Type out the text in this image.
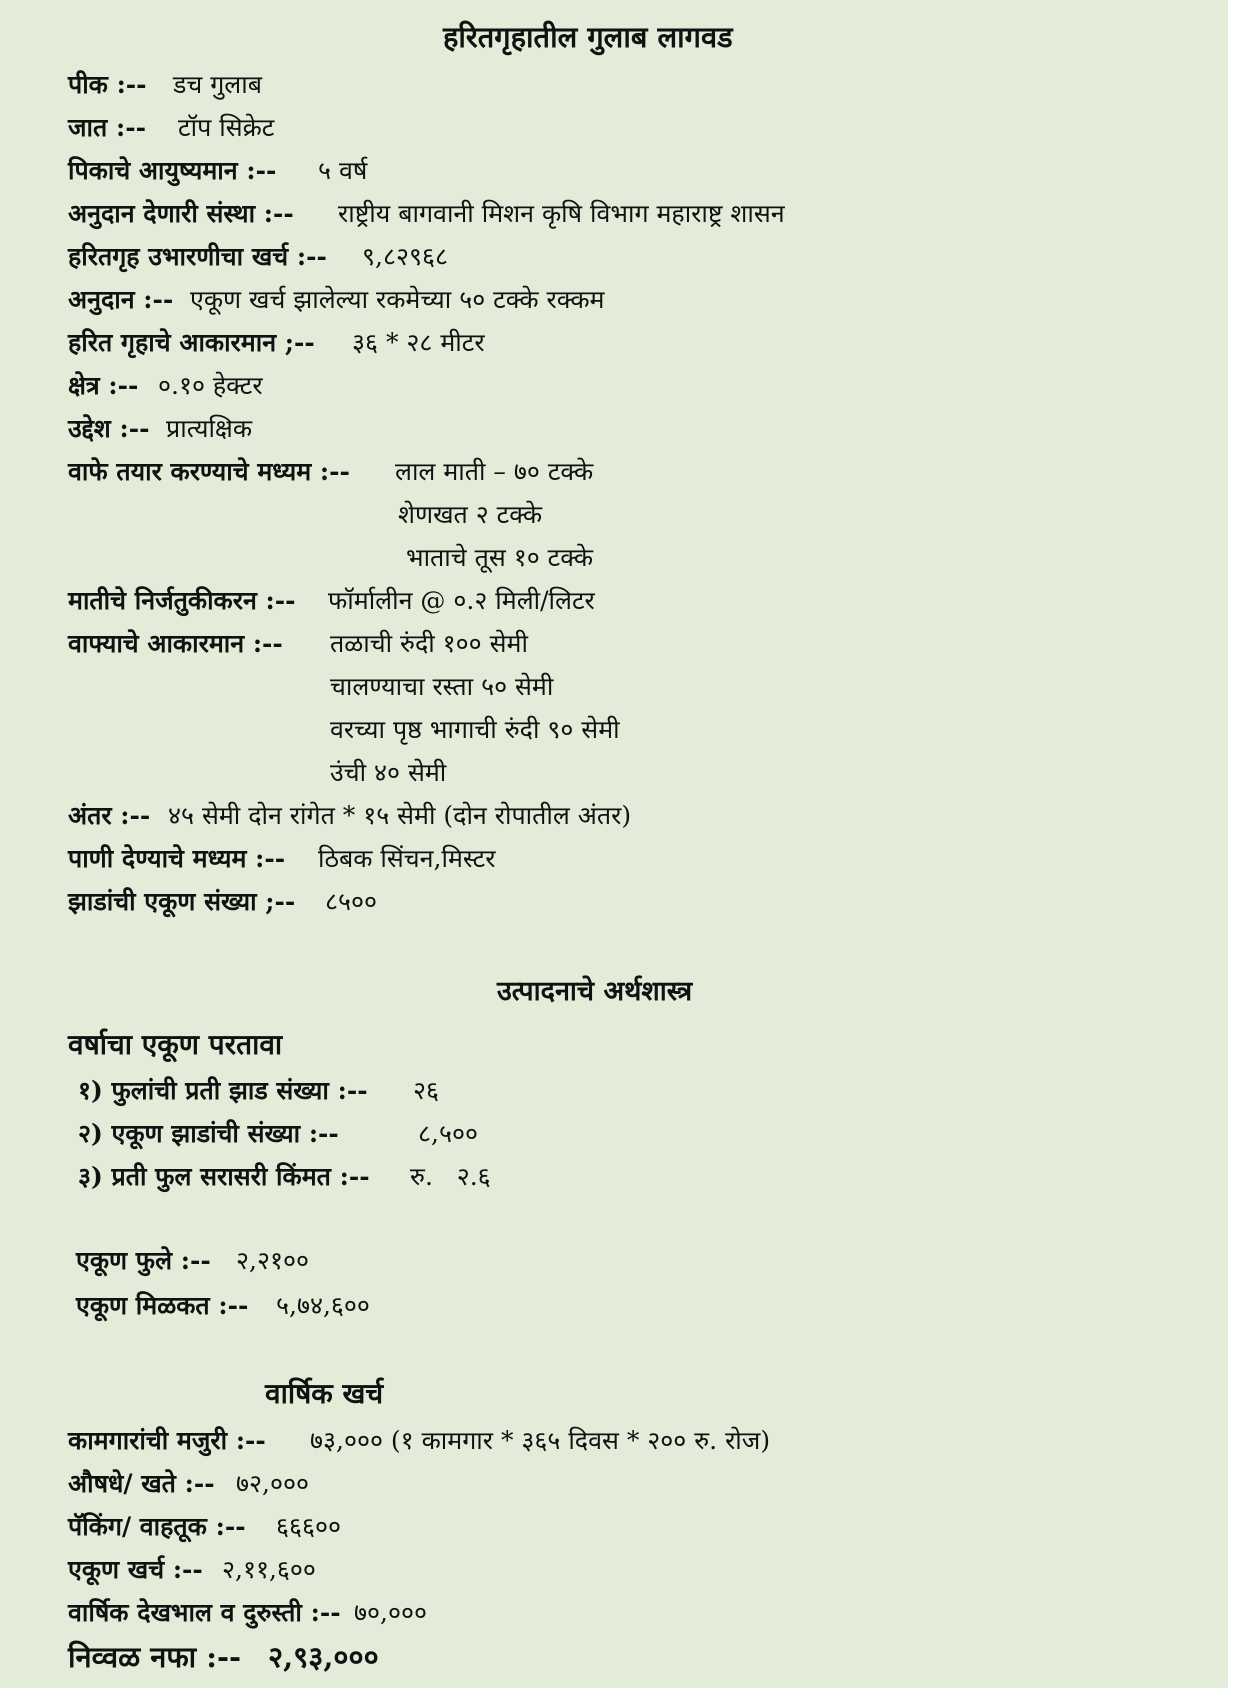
हरितगृहातील गुलाब लागवड
पीक :-- डच गुलाब
जात :-- टॉप सिक्रेट
पिकाचे आयुष्यमान :-- ५ वर्ष
अनुदान देणारी संस्था :-- राष्ट्रीय बागवानी मिशन कृषि विभाग महाराष्ट्र शासन
हरितगृह उभारणीचा खर्च :-- ९,८२९६८
अनुदान :-- एकूण खर्च झालेल्या रकमेच्या ५० टक्के रक्कम
हरित गृहाचे आकारमान ;-- ३६ * २८ मीटर
क्षेत्र :-- ०.१० हेक्टर
उद्देश :-- प्रात्यक्षिक
वाफे तयार करण्याचे मध्यम :-- लाल माती – ७० टक्के
शेणखत २ टक्के
भाताचे तूस १० टक्के
मातीचे निर्जतुकीकरन :-- फॉर्मालीन @ ०.२ मिली/लिटर
वाफ्याचे आकारमान :-- तळाची रुंदी १०० सेमी
चालण्याचा रस्ता ५० सेमी
वरच्या पृष्ठ भागाची रुंदी ९० सेमी
उंची ४० सेमी
अंतर :-- ४५ सेमी दोन रांगेत * १५ सेमी (दोन रोपातील अंतर)
पाणी देण्याचे मध्यम :-- ठिबक सिंचन,मिस्टर
झाडांची एकूण संख्या ;-- ८५००
उत्पादनाचे अर्थशास्त्र
वर्षाचा एकूण परतावा
१) फुलांची प्रती झाड संख्या :-- २६
२) एकूण झाडांची संख्या :--	८,५००
३) प्रती फुल सरासरी किंमत :-- रु.   २.६
एकूण फुले :-- २,२१००
एकूण मिळकत :-- ५,७४,६००
वार्षिक खर्च
कामगारांची मजुरी :-- ७३,००० (१ कामगार * ३६५ दिवस * २०० रु. रोज)
औषधे/ खते :-- ७२,०००
पॅकिंग/ वाहतूक :-- ६६६००
एकूण खर्च :-- २,११,६००
वार्षिक देखभाल व दुरुस्ती :-- ७०,०००
निव्वळ नफा :-- २,९३,०००
